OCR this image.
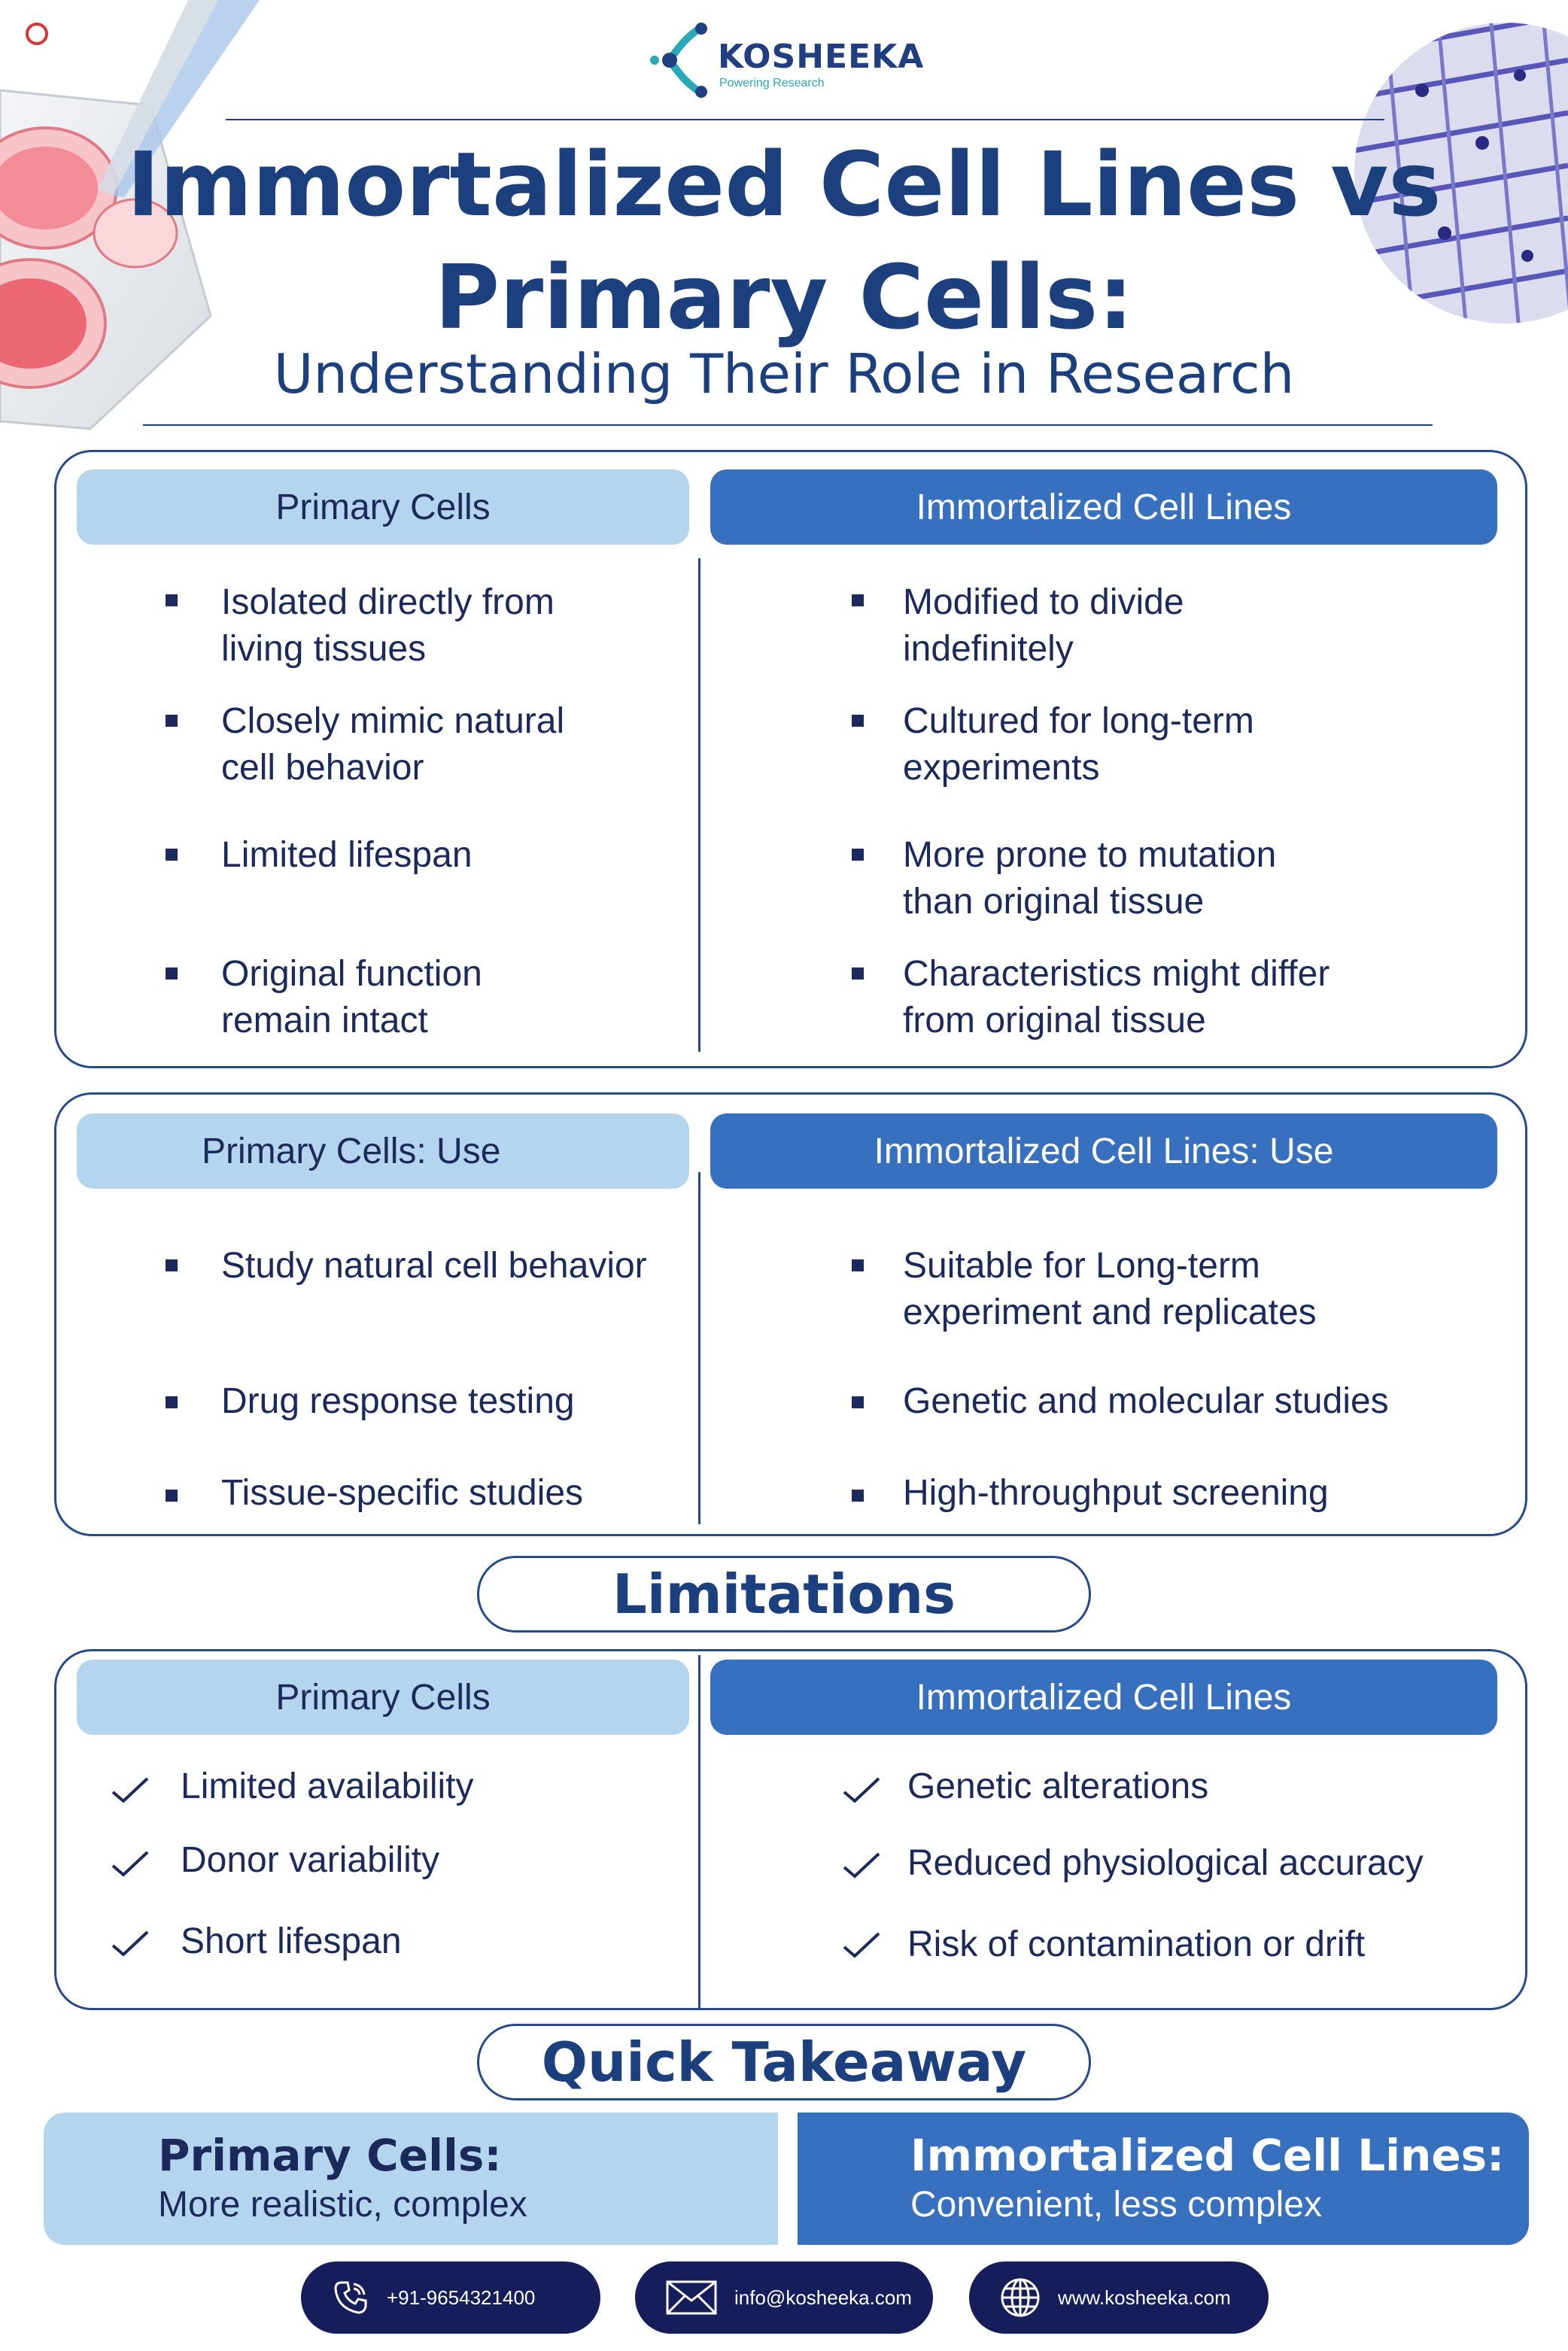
KOSHEEKA
Powering Research
Immortalized Cell Lines vs
Primary Cells:
Understanding Their Role in Research
Primary Cells	Immortalized Cell Lines
Isolated directly from
living tissues
Closely mimic natural
cell behavior
Limited lifespan
Original function
remain intact
Modified to divide
indefinitely
Cultured for long-term
experiments
More prone to mutation
than original tissue
Characteristics might differ
from original tissue
Primary Cells: Use	Immortalized Cell Lines: Use
Study natural cell behavior
Drug response testing
Tissue-specific studies
Suitable for Long-term
experiment and replicates
Genetic and molecular studies
High-throughput screening
Limitations
Primary Cells	Immortalized Cell Lines
Limited availability
Donor variability
Short lifespan
Genetic alterations
Reduced physiological accuracy
Risk of contamination or drift
Quick Takeaway
Primary Cells:
More realistic, complex
Immortalized Cell Lines:
Convenient, less complex
+91-9654321400	info@kosheeka.com	www.kosheeka.com
